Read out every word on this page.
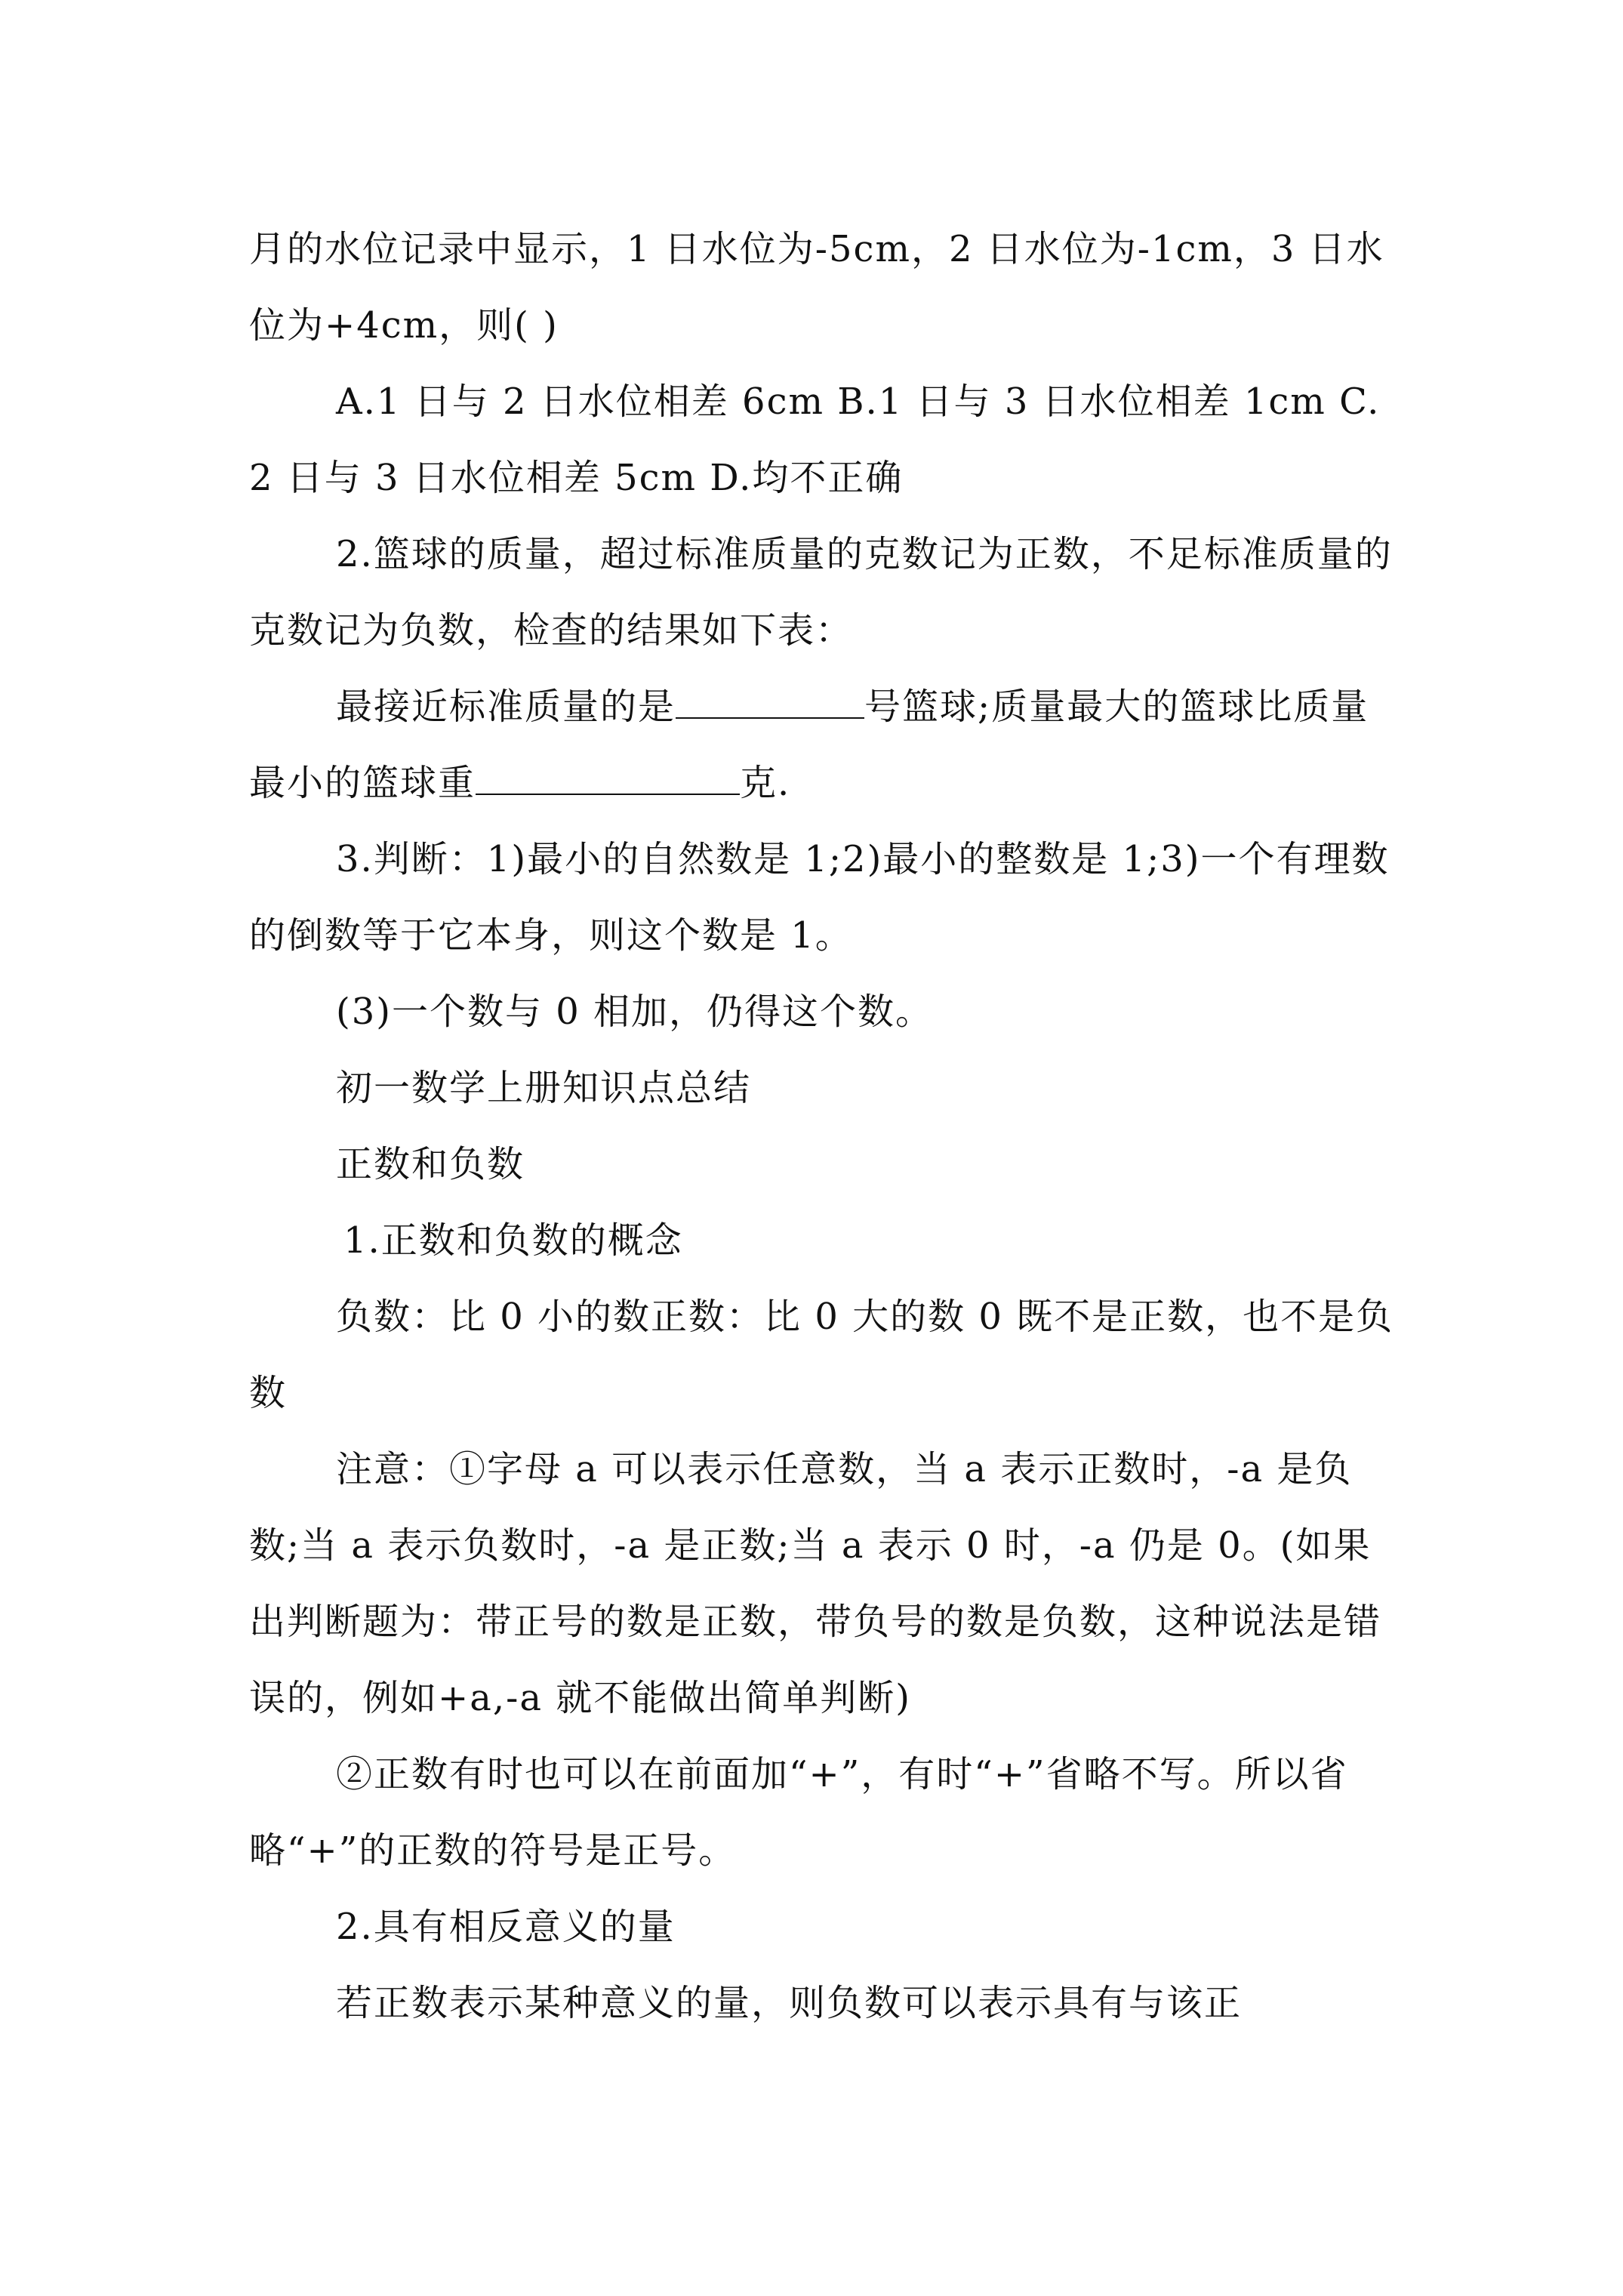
月的水位记录中显示，1 日水位为-5cm，2 日水位为-1cm，3 日水位为+4cm，则( )

A.1 日与 2 日水位相差 6cm B.1 日与 3 日水位相差 1cm C.2 日与 3 日水位相差 5cm D.均不正确

2.篮球的质量，超过标准质量的克数记为正数，不足标准质量的克数记为负数，检查的结果如下表：

最接近标准质量的是	号篮球;质量最大的篮球比质量最小的篮球重	克.

3.判断：1)最小的自然数是 1;2)最小的整数是 1;3)一个有理数的倒数等于它本身，则这个数是 1。

(3)一个数与 0 相加，仍得这个数。

初一数学上册知识点总结

正数和负数

1.正数和负数的概念

负数：比 0 小的数正数：比 0 大的数 0 既不是正数，也不是负数

注意：①字母 a 可以表示任意数，当 a 表示正数时，-a 是负数;当 a 表示负数时，-a 是正数;当 a 表示 0 时，-a 仍是 0。(如果出判断题为：带正号的数是正数，带负号的数是负数，这种说法是错误的，例如+a,-a 就不能做出简单判断)

②正数有时也可以在前面加“+”，有时“+”省略不写。所以省略“+”的正数的符号是正号。

2.具有相反意义的量

若正数表示某种意义的量，则负数可以表示具有与该正
